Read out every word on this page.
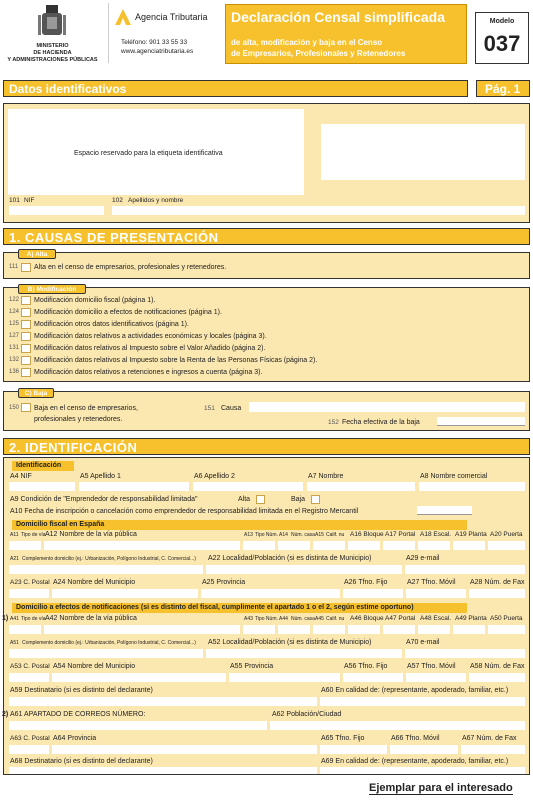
MINISTERIO
DE HACIENDA
Y ADMINISTRACIONES PÚBLICAS
Agencia Tributaria
Teléfono: 901 33 55 33
www.agenciatributaria.es
Declaración Censal simplificada
de alta, modificación y baja en el Censo
de Empresarios, Profesionales y Retenedores
Modelo
037
Datos identificativos	Pág. 1
Espacio reservado para la etiqueta identificativa
101 NIF	102 Apellidos y nombre
1. CAUSAS DE PRESENTACIÓN
A) Alta
111 Alta en el censo de empresarios, profesionales y retenedores.
B) Modificación
122 Modificación domicilio fiscal (página 1).
124 Modificación domicilio a efectos de notificaciones (página 1).
125 Modificación otros datos identificativos (página 1).
127 Modificación datos relativos a actividades económicas y locales (página 3).
131 Modificación datos relativos al Impuesto sobre el Valor Añadido (página 2).
132 Modificación datos relativos al Impuesto sobre la Renta de las Personas Físicas (página 2).
136 Modificación datos relativos a retenciones e ingresos a cuenta (página 3).
C) Baja
150 Baja en el censo de empresarios,
profesionales y retenedores.
151 Causa
152 Fecha efectiva de la baja
2. IDENTIFICACIÓN
Identificación
A4 NIF	A5 Apellido 1	A6 Apellido 2	A7 Nombre	A8 Nombre comercial
A9 Condición de "Emprendedor de responsabilidad limitada"	Alta	Baja
A10 Fecha de inscripción o cancelación como emprendedor de responsabilidad limitada en el Registro Mercantil
Domicilio fiscal en España
A11 Tipo de vía A12 Nombre de la vía pública	A13 Tipo Núm. A14 Núm. casa A15 Calif. nu A16 Bloque A17 Portal A18 Escal. A19 Planta A20 Puerta
A21 Complemento domicilio (ej.: Urbanización, Polígono Industrial, C. Comercial...) A22 Localidad/Población (si es distinta de Municipio)	A29 e-mail
A23 C. Postal A24 Nombre del Municipio	A25 Provincia	A26 Tfno. Fijo	A27 Tfno. Móvil A28 Núm. de Fax
Domicilio a efectos de notificaciones (si es distinto del fiscal, cumplimente el apartado 1 o el 2, según estime oportuno)
1) A41 Tipo de vía A42 Nombre de la vía pública	A43 Tipo Núm. A44 Núm. casa A45 Calif. nu A46 Bloque A47 Portal A48 Escal. A49 Planta A50 Puerta
A51 Complemento domicilio (ej.: Urbanización, Polígono Industrial, C. Comercial...) A52 Localidad/Población (si es distinta de Municipio)	A70 e-mail
A53 C. Postal A54 Nombre del Municipio	A55 Provincia	A56 Tfno. Fijo	A57 Tfno. Móvil A58 Núm. de Fax
A59 Destinatario (si es distinto del declarante)	A60 En calidad de: (representante, apoderado, familiar, etc.)
2) A61 APARTADO DE CORREOS NÚMERO:	A62 Población/Ciudad
A63 C. Postal A64 Provincia	A65 Tfno. Fijo	A66 Tfno. Móvil	A67 Núm. de Fax
A68 Destinatario (si es distinto del declarante)	A69 En calidad de: (representante, apoderado, familiar, etc.)
Ejemplar para el interesado
